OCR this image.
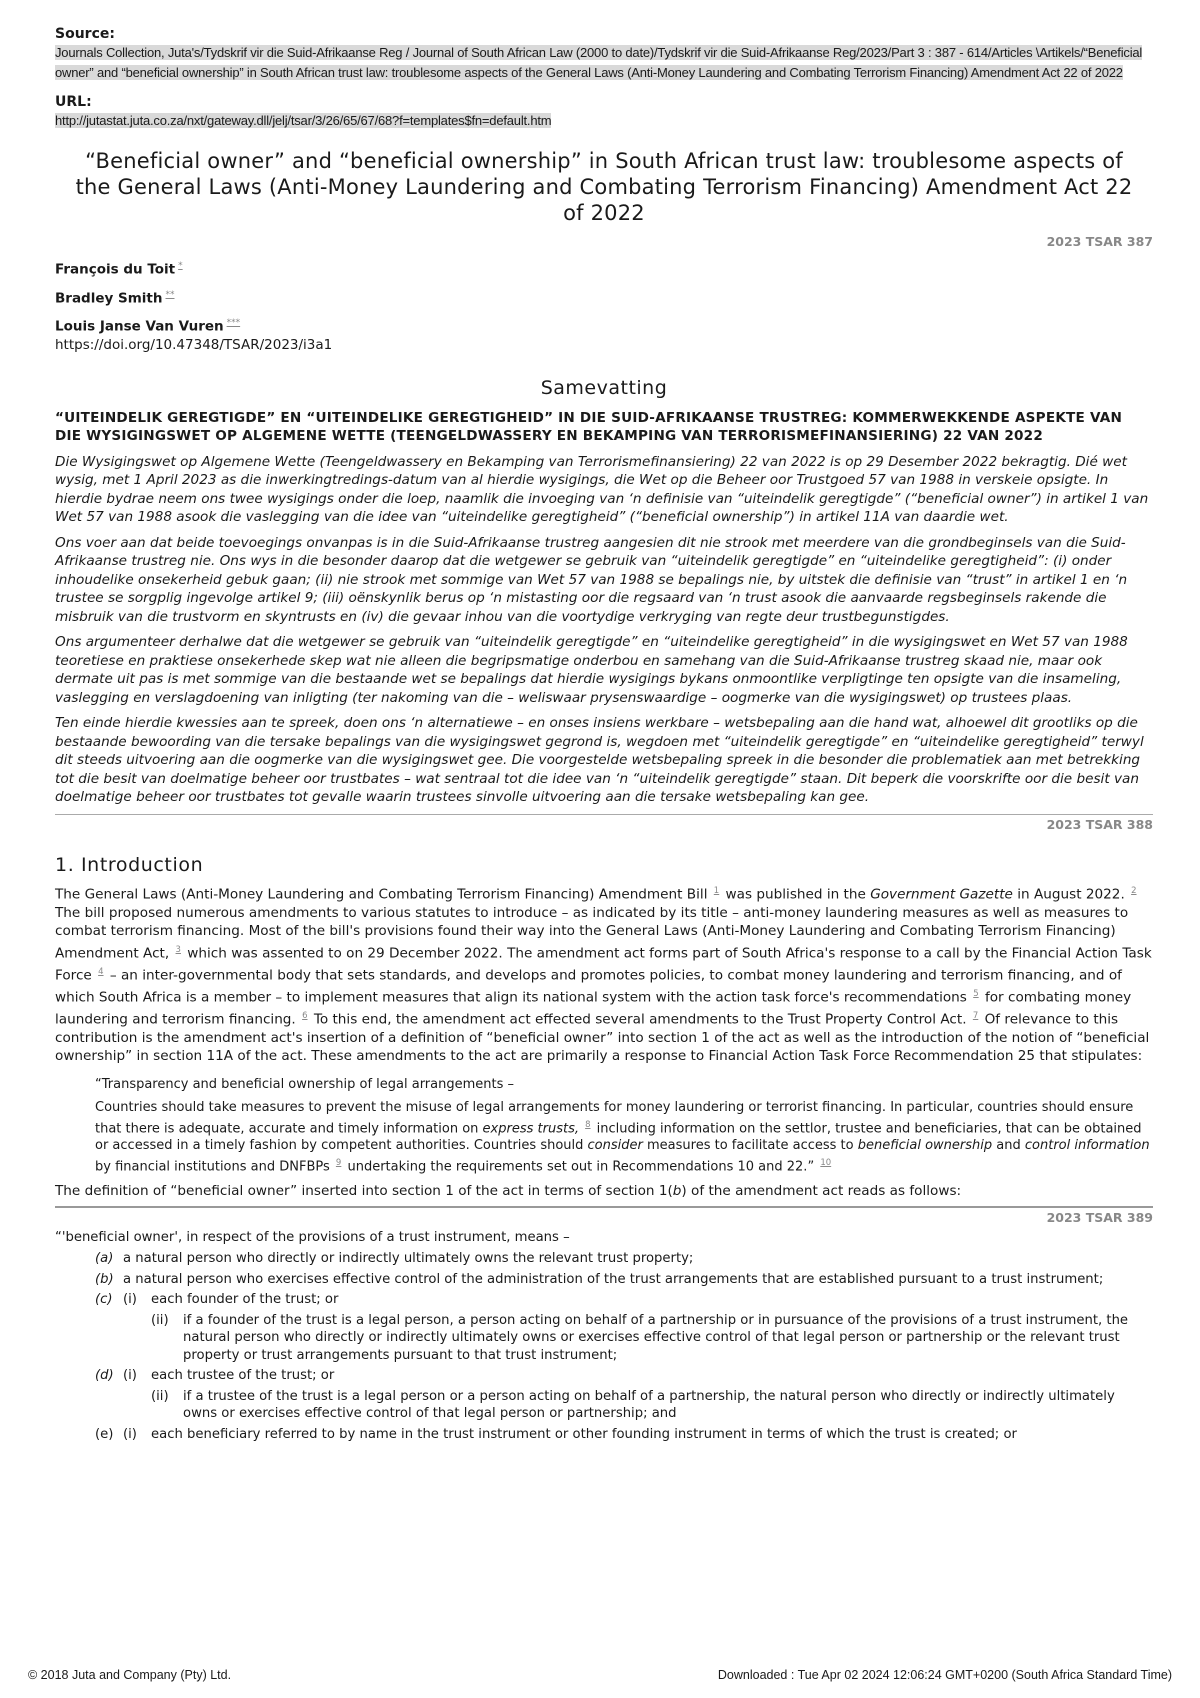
Source:
Journals Collection, Juta's/Tydskrif vir die Suid-Afrikaanse Reg / Journal of South African Law (2000 to date)/Tydskrif vir die Suid-Afrikaanse Reg/2023/Part 3 : 387 - 614/Articles \Artikels/“Beneficial owner” and “beneficial ownership” in South African trust law: troublesome aspects of the General Laws (Anti-Money Laundering and Combating Terrorism Financing) Amendment Act 22 of 2022
URL:
http://jutastat.juta.co.za/nxt/gateway.dll/jelj/tsar/3/26/65/67/68?f=templates$fn=default.htm
“Beneficial owner” and “beneficial ownership” in South African trust law: troublesome aspects of the General Laws (Anti-Money Laundering and Combating Terrorism Financing) Amendment Act 22 of 2022
2023 TSAR 387
François du Toit *
Bradley Smith **
Louis Janse Van Vuren ***
https://doi.org/10.47348/TSAR/2023/i3a1
Samevatting
“UITEINDELIK GEREGTIGDE” EN “UITEINDELIKE GEREGTIGHEID” IN DIE SUID-AFRIKAANSE TRUSTREG: KOMMERWEKKENDE ASPEKTE VAN DIE WYSIGINGSWET OP ALGEMENE WETTE (TEENGELDWASSERY EN BEKAMPING VAN TERRORISMEFINANSIERING) 22 VAN 2022

Die Wysigingswet op Algemene Wette (Teengeldwassery en Bekamping van Terrorismefinansiering) 22 van 2022 is op 29 Desember 2022 bekragtig. Dié wet wysig, met 1 April 2023 as die inwerkingtredings-datum van al hierdie wysigings, die Wet op die Beheer oor Trustgoed 57 van 1988 in verskeie opsigte. In hierdie bydrae neem ons twee wysigings onder die loep, naamlik die invoeging van ‘n definisie van “uiteindelik geregtigde” (“beneficial owner”) in artikel 1 van Wet 57 van 1988 asook die vaslegging van die idee van “uiteindelike geregtigheid” (“beneficial ownership”) in artikel 11A van daardie wet.

Ons voer aan dat beide toevoegings onvanpas is in die Suid-Afrikaanse trustreg aangesien dit nie strook met meerdere van die grondbeginsels van die Suid-Afrikaanse trustreg nie. Ons wys in die besonder daarop dat die wetgewer se gebruik van “uiteindelik geregtigde” en “uiteindelike geregtigheid”: (i) onder inhoudelike onsekerheid gebuk gaan; (ii) nie strook met sommige van Wet 57 van 1988 se bepalings nie, by uitstek die definisie van “trust” in artikel 1 en ‘n trustee se sorgplig ingevolge artikel 9; (iii) oënskynlik berus op ‘n mistasting oor die regsaard van ‘n trust asook die aanvaarde regsbeginsels rakende die misbruik van die trustvorm en skyntrusts en (iv) die gevaar inhou van die voortydige verkryging van regte deur trustbegunstigdes.

Ons argumenteer derhalwe dat die wetgewer se gebruik van “uiteindelik geregtigde” en “uiteindelike geregtigheid” in die wysigingswet en Wet 57 van 1988 teoretiese en praktiese onsekerhede skep wat nie alleen die begripsmatige onderbou en samehang van die Suid-Afrikaanse trustreg skaad nie, maar ook dermate uit pas is met sommige van die bestaande wet se bepalings dat hierdie wysigings bykans onmoontlike verpligtinge ten opsigte van die insameling, vaslegging en verslagdoening van inligting (ter nakoming van die – weliswaar prysenswaardige – oogmerke van die wysigingswet) op trustees plaas.

Ten einde hierdie kwessies aan te spreek, doen ons ‘n alternatiewe – en onses insiens werkbare – wetsbepaling aan die hand wat, alhoewel dit grootliks op die bestaande bewoording van die tersake bepalings van die wysigingswet gegrond is, wegdoen met “uiteindelik geregtigde” en “uiteindelike geregtigheid” terwyl dit steeds uitvoering aan die oogmerke van die wysigingswet gee. Die voorgestelde wetsbepaling spreek in die besonder die problematiek aan met betrekking tot die besit van doelmatige beheer oor trustbates – wat sentraal tot die idee van ‘n “uiteindelik geregtigde” staan. Dit beperk die voorskrifte oor die besit van doelmatige beheer oor trustbates tot gevalle waarin trustees sinvolle uitvoering aan die tersake wetsbepaling kan gee.

2023 TSAR 388
1. Introduction

The General Laws (Anti-Money Laundering and Combating Terrorism Financing) Amendment Bill $^1$ was published in the Government Gazette in August 2022. $^2$ The bill proposed numerous amendments to various statutes to introduce – as indicated by its title – anti-money laundering measures as well as measures to combat terrorism financing. Most of the bill's provisions found their way into the General Laws (Anti-Money Laundering and Combating Terrorism Financing) Amendment Act, $^3$ which was assented to on 29 December 2022. The amendment act forms part of South Africa's response to a call by the Financial Action Task Force $^4$ – an inter-governmental body that sets standards, and develops and promotes policies, to combat money laundering and terrorism financing, and of which South Africa is a member – to implement measures that align its national system with the action task force's recommendations $^5$ for combating money laundering and terrorism financing. $^6$ To this end, the amendment act effected several amendments to the Trust Property Control Act. $^7$ Of relevance to this contribution is the amendment act's insertion of a definition of “beneficial owner” into section 1 of the act as well as the introduction of the notion of “beneficial ownership” in section 11A of the act. These amendments to the act are primarily a response to Financial Action Task Force Recommendation 25 that stipulates:

“Transparency and beneficial ownership of legal arrangements –

Countries should take measures to prevent the misuse of legal arrangements for money laundering or terrorist financing. In particular, countries should ensure that there is adequate, accurate and timely information on express trusts, $^8$ including information on the settlor, trustee and beneficiaries, that can be obtained or accessed in a timely fashion by competent authorities. Countries should consider measures to facilitate access to beneficial ownership and control information by financial institutions and DNFBPs $^9$ undertaking the requirements set out in Recommendations 10 and 22.” $^{10}$

The definition of “beneficial owner” inserted into section 1 of the act in terms of section 1(b) of the amendment act reads as follows:

2023 TSAR 389
“'beneficial owner', in respect of the provisions of a trust instrument, means –
(a) a natural person who directly or indirectly ultimately owns the relevant trust property;
(b) a natural person who exercises effective control of the administration of the trust arrangements that are established pursuant to a trust instrument;
(c) (i)	each founder of the trust; or
(ii)	if a founder of the trust is a legal person, a person acting on behalf of a partnership or in pursuance of the provisions of a trust instrument, the natural person who directly or indirectly ultimately owns or exercises effective control of that legal person or partnership or the relevant trust property or trust arrangements pursuant to that trust instrument;
(d) (i)	each trustee of the trust; or
(ii)	if a trustee of the trust is a legal person or a person acting on behalf of a partnership, the natural person who directly or indirectly ultimately owns or exercises effective control of that legal person or partnership; and
(e) (i)	each beneficiary referred to by name in the trust instrument or other founding instrument in terms of which the trust is created; or
© 2018 Juta and Company (Pty) Ltd.	Downloaded : Tue Apr 02 2024 12:06:24 GMT+0200 (South Africa Standard Time)
